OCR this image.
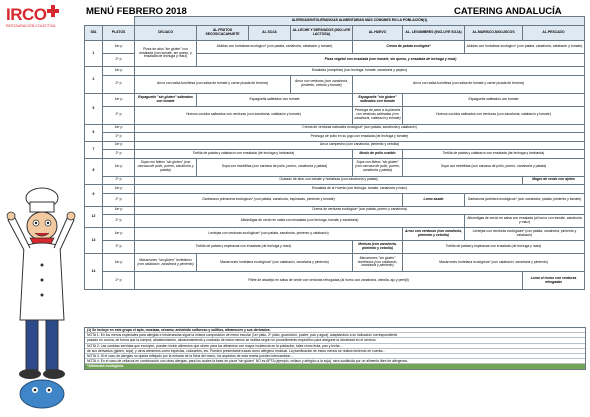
IRCO
RESTAURACIÓN COLECTIVA
MENÚ FEBRERO 2018	CATERING ANDALUCÍA
		ALERGIAS/INTOLERANCIAS ALIMENTARIAS MÁS COMUNES EN LA POBLACIÓN(1)							
DÍA	PLATOS	CELIACO	AL.FRUTOS SECOS/CACAHUETE	AL.SOJA	AL.LECHE Y DERIVADOS (INCLUYE LACTOSA)	AL.HUEVO	AL. LEGUMBRES (INCLUYE SOJA)	AL.MARISCO-MOLUSCOS	AL.PESCADO
1	1er p	Pizza de atún "sin gluten" con ensalada (con tomate, sin queso, y ensalada de lechuga y maíz)	Alubias con hortalizas ecológico* (con patata, zanahoria, calabacín y tomate)			Crema de patata ecológica*		Alubias con hortalizas ecológico* (con patata, zanahoria, calabacín y tomate)	
	2º p		Pizza vegetal con ensalada (con tomate, sin queso, y ensalada de lechuga y maíz)						
2	1er p	Ensalada (completa) (con lechuga, tomate, zanahoria y pepino)							
	2º p	Arroz con salsa boloñesa (con salsa de tomate y carne picada de ternera)			Arroz con verduras (con zanahoria, pimiento, cebolla y tomate)	Arroz con salsa boloñesa (con salsa de tomate y carne picada de ternera)			
5	1er p	Espaguetis "sin gluten" salteados con tomate	Espaguetis salteados con tomate			Espaguetis "sin gluten" salteados con tomate	Espaguetis salteados con tomate		
	2º p	Huevos cocidos salteados con verduras (con zanahoria, calabacín y tomate)				Pechuga de pavo a la plancha con verduras salteadas (con zanahoria, calabacín y tomate)	Huevos cocidos salteados con verduras (con zanahoria, calabacín y tomate)		
6	1er p	Crema de verduras naturales ecológica* (con patata, zanahoria y calabacín)							
	2º p	Pechuga de pollo en su jugo con ensalada (de lechuga y tomate)							
7	1er p	Arroz campesino (con zanahoria, pimiento y cebolla)							
	2º p	Tortilla de patata y calabacín con ensalada (de lechuga y lombarda)				Muslo de pollo rustido	Tortilla de patata y calabacín con ensalada (de lechuga y lombarda)		
8	1er p	Sopa con fideos "sin gluten" (con carcasa de pollo, puerro, zanahoria y patata)	Sopa con estrellitas (con carcasa de pollo, puerro, zanahoria y patata)			Sopa con fideos "sin gluten" (con carcasa de pollo, puerro, zanahoria y patata)	Sopa con estrellitas (con carcasa de pollo, puerro, zanahoria y patata)		
	2º p	Guisado de atún con tomate y hortalizas (con zanahoria y patata)							Magro de cerdo con ajetes
9	1er p	Ensalada de la Huerta (con lechuga, tomate, zanahoria y maíz)							
	2º p	Garbanzos primavera ecológicos* (con patata, zanahoria, espinacas, pimiento y tomate)					Lomo asado	Garbanzos jardinera ecológicos* (con zanahoria, patata, pimiento y tomate)	
12	1er p	Crema de verduras ecológica* (con patata, puerro y zanahoria)							
	2º p	Albóndigas de cerdo en salsa con ensalada (con lechuga, tomate y zanahoria)						Albóndigas de cerdo en salsa con ensalada (al horno con tomate, zanahoria y maíz)	
13	1er p	Lentejas con verduras ecológicas* (con patata, zanahoria, pimiento y calabacín)					Arroz con verduras (con zanahoria, pimiento y cebolla)	Lentejas con verduras ecológicas* (con patata, zanahoria, pimiento y calabacín)	
	2º p	Tortilla de patata y espinacas con ensalada (de lechuga y maíz)				Merluza (con zanahoria, pimiento y cebolla)	Tortilla de patata y espinacas con ensalada (de lechuga y maíz)		
14	1er p	Macarrones "sin gluten" hortelanos (con calabacín, zanahoria y pimiento)	Macarrones hortelana ecológicos* (con calabacín, zanahoria y pimiento)			Macarrones "sin gluten" hortelanos (con calabacín, zanahoria y pimiento)	Macarrones hortelana ecológicos* (con calabacín, zanahoria y pimiento)		
	2º p	Filete de abadejo en salsa de verde con verduras rehogadas (al horno con zanahoria, cebolla, ajo y perejil)							Lomo al horno con verduras rehogadas
(1) Se incluye en este grupo el apio, mostaza, sésamo, anhídrido sulfuroso y sulfitos, altramuces y sus derivados.
NOTA 1: En los menús especiales para alergias e intolerancias sigue la misma composición de menú escolar (1er plato, 2º plato, guarnición, postre, pan y agua), adaptándolo a su indicación correspondiente.
pasado en cocina, de forma que la compra, abastecimiento, almacenamiento y cocinado de estos menús se realiza según un procedimiento específico para asegurar la idoneidad en el servicio.
NOTA 2: Las comidas servidas que excluyen, pueden incluir alimentos que sirven para los alimentos con mayor incidencia en la población, tales como fruta, pan y leche...
de sus derivados (gluten, soja), y otros alimentos como especias, colorantes, etc. Pueden presentarse trazas como alérgeno residual. La planificación de estos menús se realiza teniendo en cuenta...
NOTA 3: Si el caso de alergias no queda reflejado por la entrada de la ficha del menú, los aspectos de esta receta pueden intercambiar....
NOTA 4: En el caso de celiacos en combinación con otras alergias, para los cuales la base de pizza "sin gluten" NO es APTA (ejemplo, celiaco y alérgico a la soja), será sustituida por un alimento libre de alérgenos.
*Alimentos ecológicos
